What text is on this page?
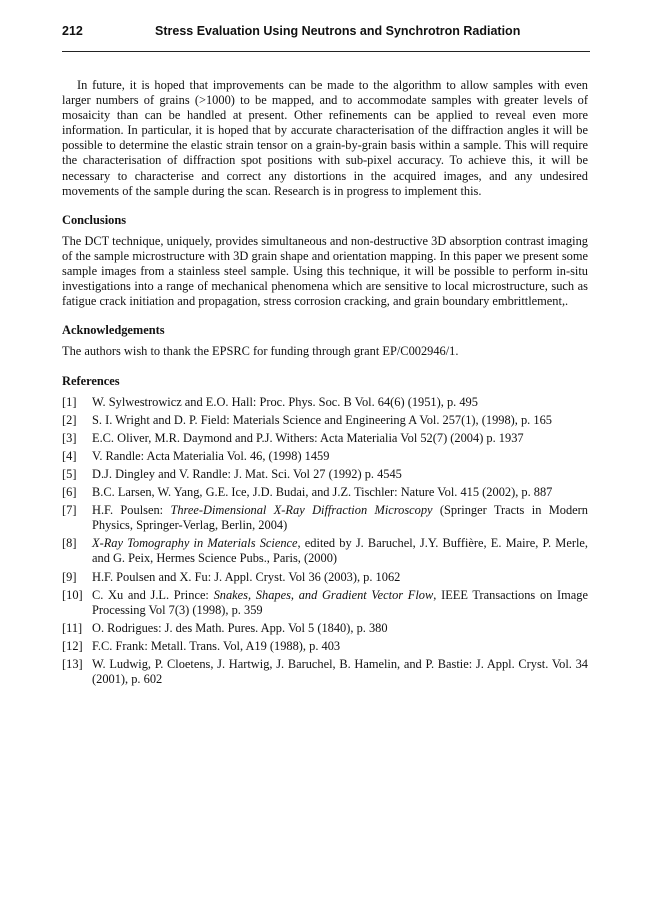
212	Stress Evaluation Using Neutrons and Synchrotron Radiation

In future, it is hoped that improvements can be made to the algorithm to allow samples with even larger numbers of grains (>1000) to be mapped, and to accommodate samples with greater levels of mosaicity than can be handled at present. Other refinements can be applied to reveal even more information. In particular, it is hoped that by accurate characterisation of the diffraction angles it will be possible to determine the elastic strain tensor on a grain-by-grain basis within a sample. This will require the characterisation of diffraction spot positions with sub-pixel accuracy. To achieve this, it will be necessary to characterise and correct any distortions in the acquired images, and any undesired movements of the sample during the scan. Research is in progress to implement this.

Conclusions

The DCT technique, uniquely, provides simultaneous and non-destructive 3D absorption contrast imaging of the sample microstructure with 3D grain shape and orientation mapping. In this paper we present some sample images from a stainless steel sample. Using this technique, it will be possible to perform in-situ investigations into a range of mechanical phenomena which are sensitive to local microstructure, such as fatigue crack initiation and propagation, stress corrosion cracking, and grain boundary embrittlement,.

Acknowledgements

The authors wish to thank the EPSRC for funding through grant EP/C002946/1.

References
[1]	W. Sylwestrowicz and E.O. Hall: Proc. Phys. Soc. B Vol. 64(6) (1951), p. 495
[2]	S. I. Wright and D. P. Field: Materials Science and Engineering A Vol. 257(1), (1998), p. 165
[3]	E.C. Oliver, M.R. Daymond and P.J. Withers: Acta Materialia Vol 52(7) (2004) p. 1937
[4]	V. Randle: Acta Materialia Vol. 46, (1998) 1459
[5]	D.J. Dingley and V. Randle: J. Mat. Sci. Vol 27 (1992) p. 4545
[6]	B.C. Larsen, W. Yang, G.E. Ice, J.D. Budai, and J.Z. Tischler: Nature Vol. 415 (2002), p. 887
[7]	H.F. Poulsen: Three-Dimensional X-Ray Diffraction Microscopy (Springer Tracts in Modern Physics, Springer-Verlag, Berlin, 2004)
[8]	X-Ray Tomography in Materials Science, edited by J. Baruchel, J.Y. Buffière, E. Maire, P. Merle, and G. Peix, Hermes Science Pubs., Paris, (2000)
[9]	H.F. Poulsen and X. Fu: J. Appl. Cryst. Vol 36 (2003), p. 1062
[10] C. Xu and J.L. Prince: Snakes, Shapes, and Gradient Vector Flow, IEEE Transactions on Image Processing Vol 7(3) (1998), p. 359
[11] O. Rodrigues: J. des Math. Pures. App. Vol 5 (1840), p. 380
[12] F.C. Frank: Metall. Trans. Vol, A19 (1988), p. 403
[13] W. Ludwig, P. Cloetens, J. Hartwig, J. Baruchel, B. Hamelin, and P. Bastie: J. Appl. Cryst. Vol. 34 (2001), p. 602
